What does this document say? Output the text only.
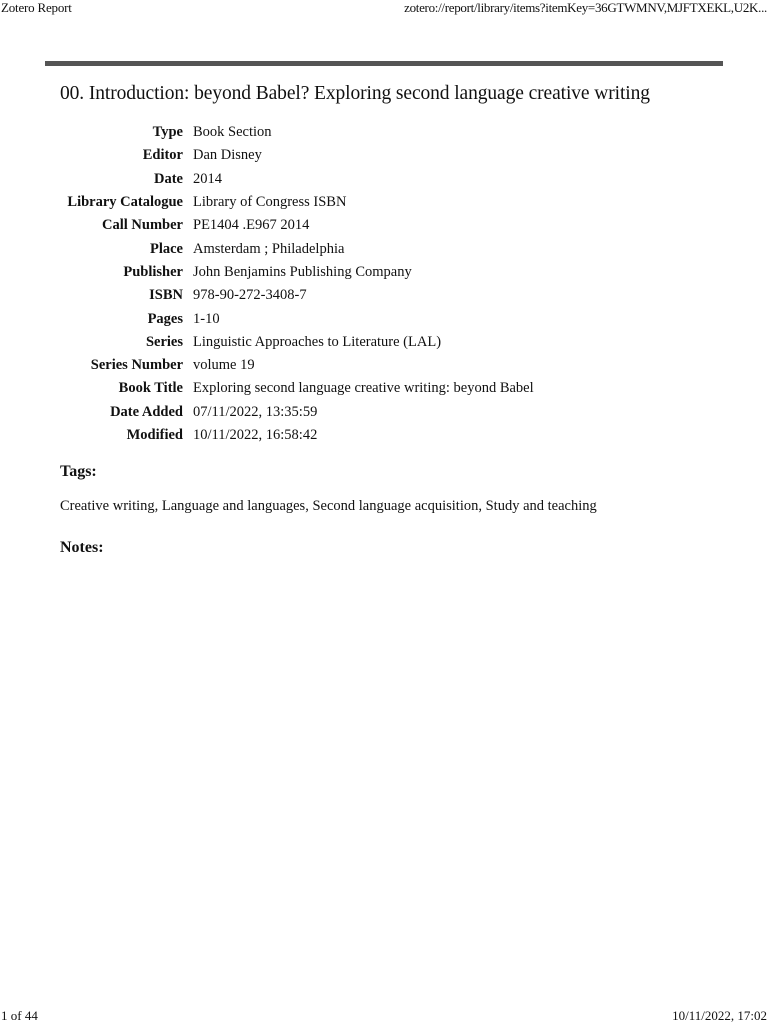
Zotero Report	zotero://report/library/items?itemKey=36GTWMNV,MJFTXEKL,U2K...
00. Introduction: beyond Babel? Exploring second language creative writing
Type	Book Section
Editor	Dan Disney
Date	2014
Library Catalogue	Library of Congress ISBN
Call Number	PE1404 .E967 2014
Place	Amsterdam ; Philadelphia
Publisher	John Benjamins Publishing Company
ISBN	978-90-272-3408-7
Pages	1-10
Series	Linguistic Approaches to Literature (LAL)
Series Number	volume 19
Book Title	Exploring second language creative writing: beyond Babel
Date Added	07/11/2022, 13:35:59
Modified	10/11/2022, 16:58:42
Tags:
Creative writing, Language and languages, Second language acquisition, Study and teaching
Notes:
1 of 44	10/11/2022, 17:02
